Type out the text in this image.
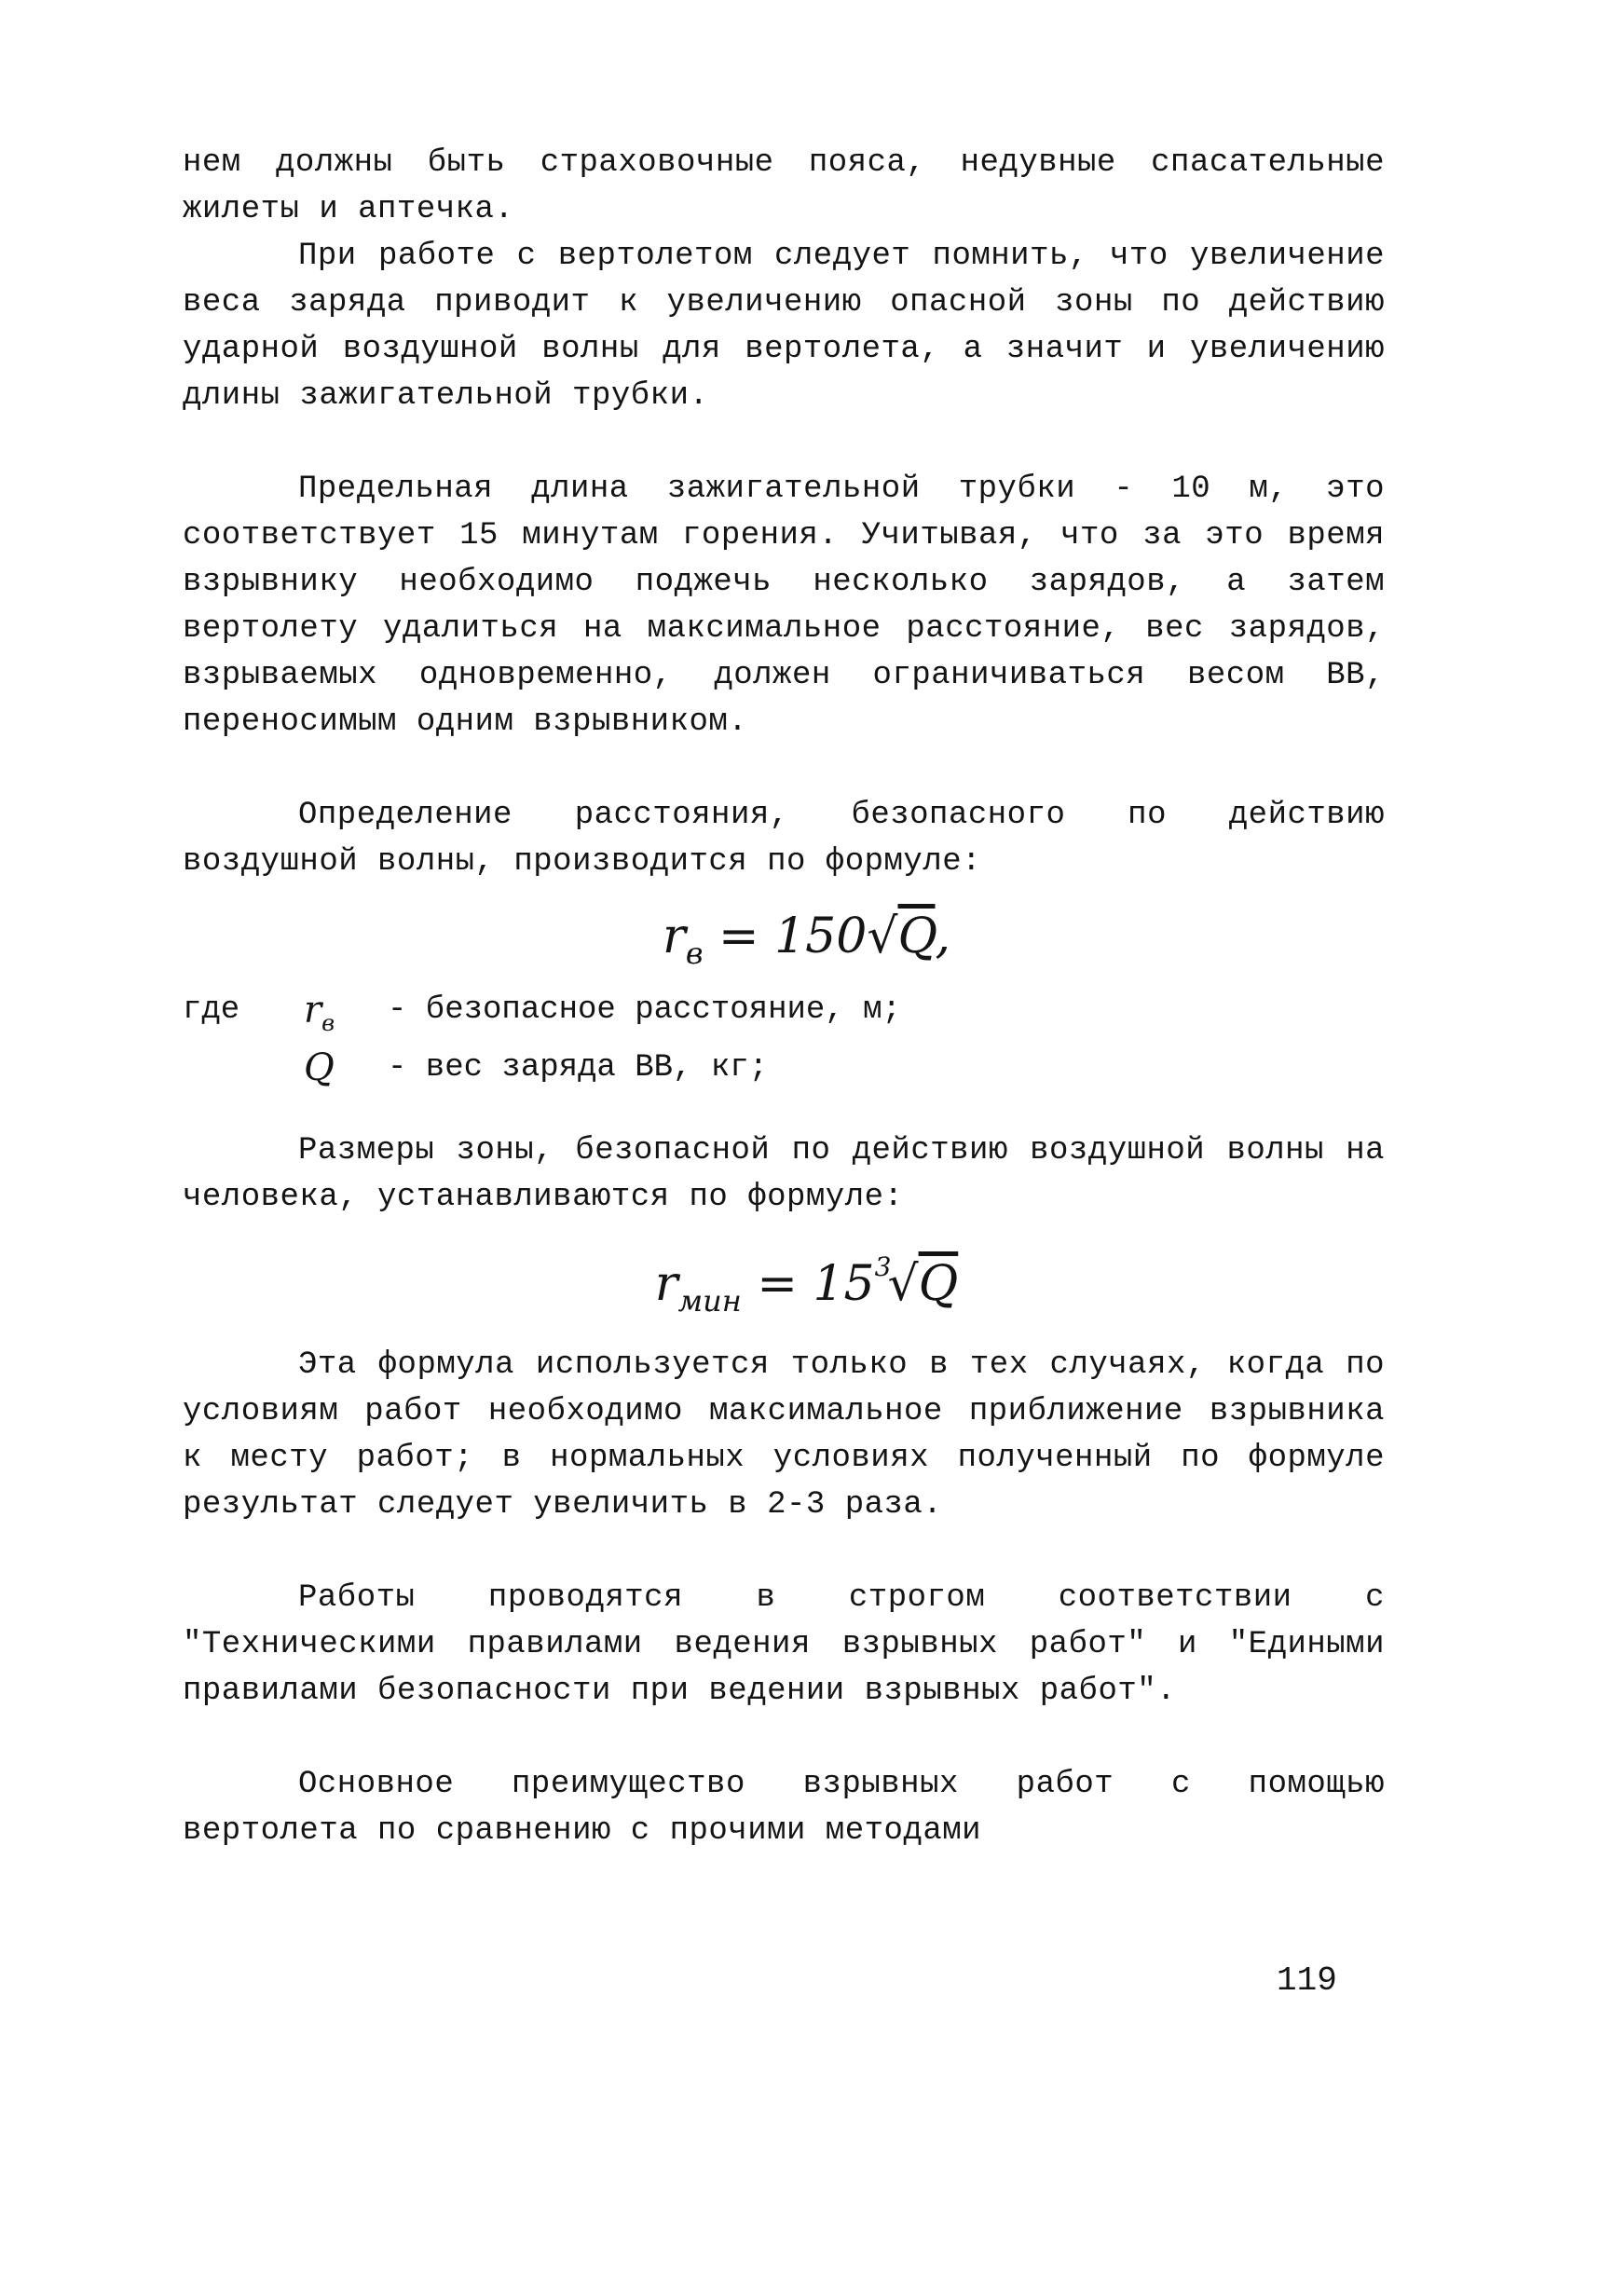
нем должны быть страховочные пояса, недувные спасательные жилеты и аптечка.

При работе с вертолетом следует помнить, что увеличение веса заряда приводит к увеличению опасной зоны по действию ударной воздушной волны для вертолета, а значит и увеличению длины зажигательной трубки.

Предельная длина зажигательной трубки - 10 м, это соответствует 15 минутам горения. Учитывая, что за это время взрывнику необходимо поджечь несколько зарядов, а затем вертолету удалиться на максимальное расстояние, вес зарядов, взрываемых одновременно, должен ограничиваться весом ВВ, переносимым одним взрывником.

Определение расстояния, безопасного по действию воздушной волны, производится по формуле:

$r_в = 150√Q$,
где	$r_в$	- безопасное расстояние, м;
Q	- вес заряда ВВ, кг;

Размеры зоны, безопасной по действию воздушной волны на человека, устанавливаются по формуле:

$r_{мин} = 15^3√Q$

Эта формула используется только в тех случаях, когда по условиям работ необходимо максимальное приближение взрывника к месту работ; в нормальных условиях полученный по формуле результат следует увеличить в 2-3 раза.

Работы проводятся в строгом соответствии с "Техническими правилами ведения взрывных работ" и "Едиными правилами безопасности при ведении взрывных работ".

Основное преимущество взрывных работ с помощью вертолета по сравнению с прочими методами

119
